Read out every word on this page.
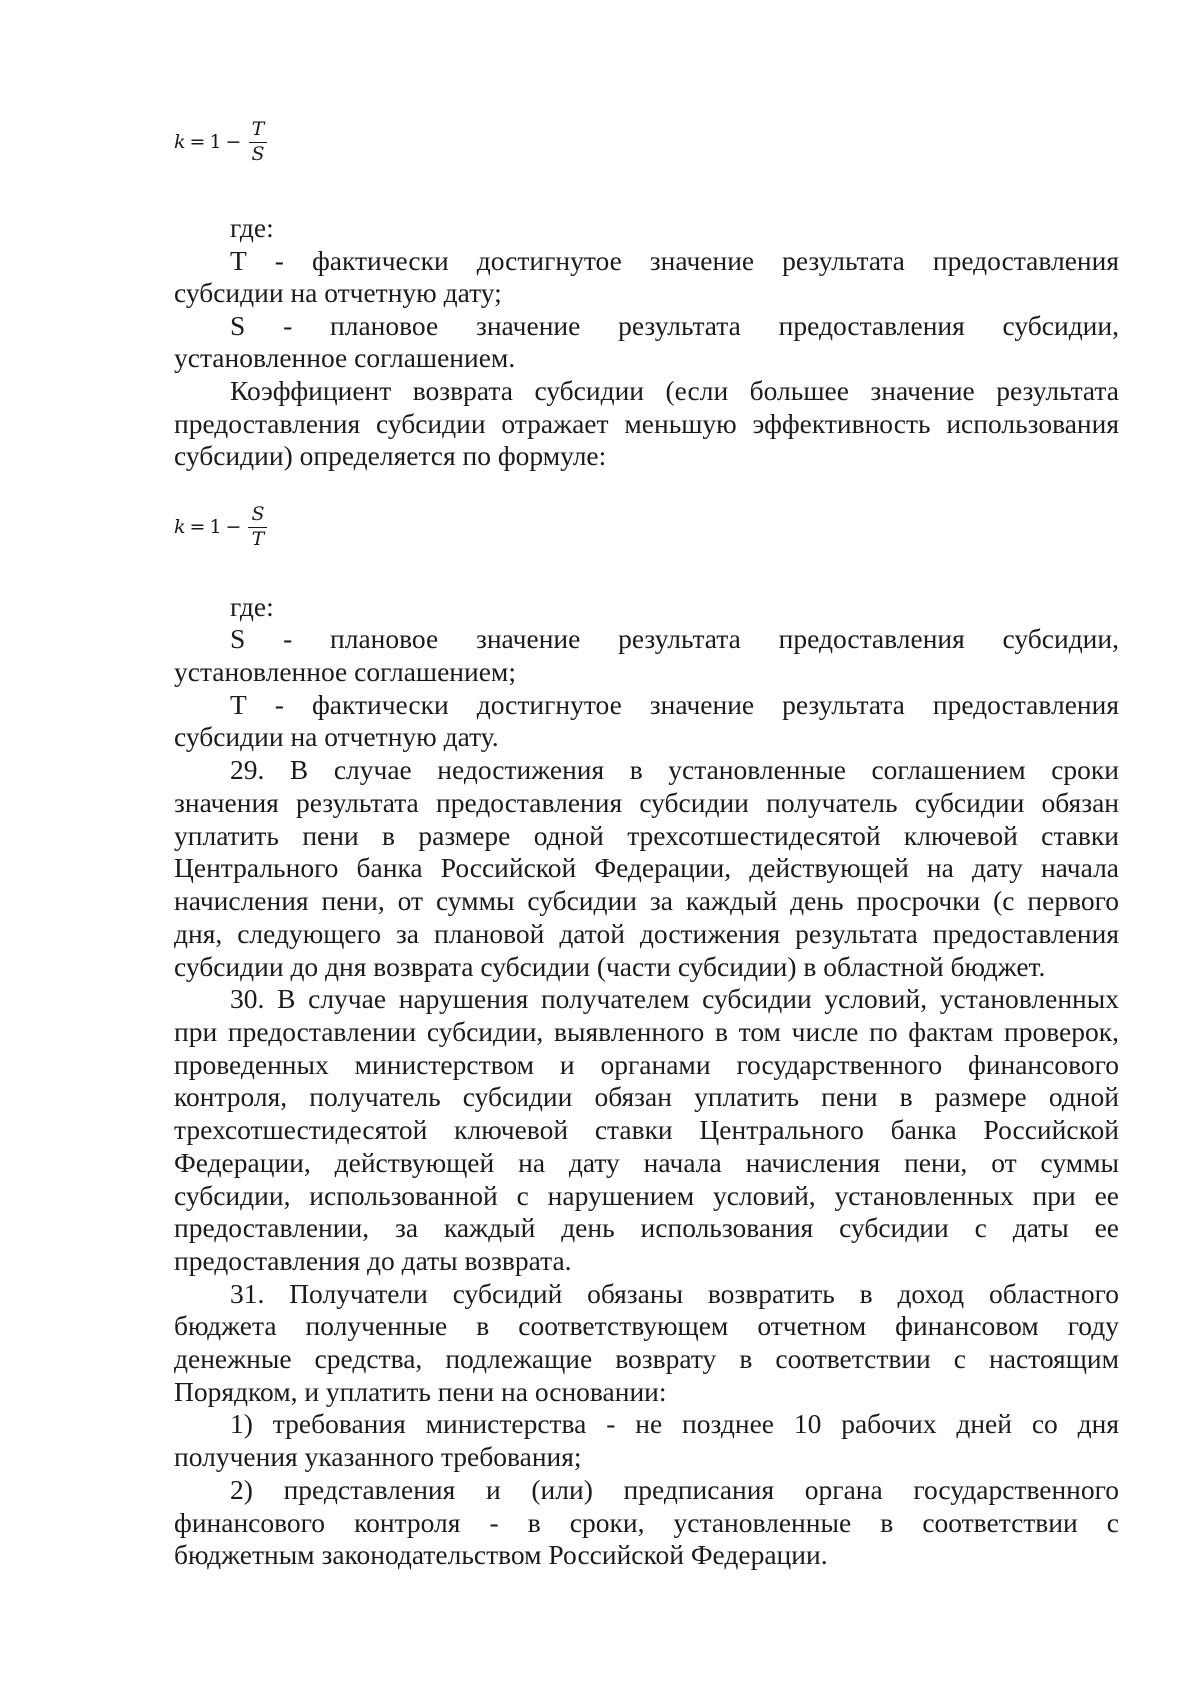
$k = 1 - \frac{T}{S}$
где:
Т - фактически достигнутое значение результата предоставления
субсидии на отчетную дату;
S - плановое значение результата предоставления субсидии,
установленное соглашением.
Коэффициент возврата субсидии (если большее значение результата
предоставления субсидии отражает меньшую эффективность использования
субсидии) определяется по формуле:
$k = 1 - \frac{S}{T}$
где:
S - плановое значение результата предоставления субсидии,
установленное соглашением;
Т - фактически достигнутое значение результата предоставления
субсидии на отчетную дату.
29. В случае недостижения в установленные соглашением сроки
значения результата предоставления субсидии получатель субсидии обязан
уплатить пени в размере одной трехсотшестидесятой ключевой ставки
Центрального банка Российской Федерации, действующей на дату начала
начисления пени, от суммы субсидии за каждый день просрочки (с первого
дня, следующего за плановой датой достижения результата предоставления
субсидии до дня возврата субсидии (части субсидии) в областной бюджет.
30. В случае нарушения получателем субсидии условий, установленных
при предоставлении субсидии, выявленного в том числе по фактам проверок,
проведенных министерством и органами государственного финансового
контроля, получатель субсидии обязан уплатить пени в размере одной
трехсотшестидесятой ключевой ставки Центрального банка Российской
Федерации, действующей на дату начала начисления пени, от суммы
субсидии, использованной с нарушением условий, установленных при ее
предоставлении, за каждый день использования субсидии с даты ее
предоставления до даты возврата.
31. Получатели субсидий обязаны возвратить в доход областного
бюджета полученные в соответствующем отчетном финансовом году
денежные средства, подлежащие возврату в соответствии с настоящим
Порядком, и уплатить пени на основании:
1) требования министерства - не позднее 10 рабочих дней со дня
получения указанного требования;
2) представления и (или) предписания органа государственного
финансового контроля - в сроки, установленные в соответствии с
бюджетным законодательством Российской Федерации.
